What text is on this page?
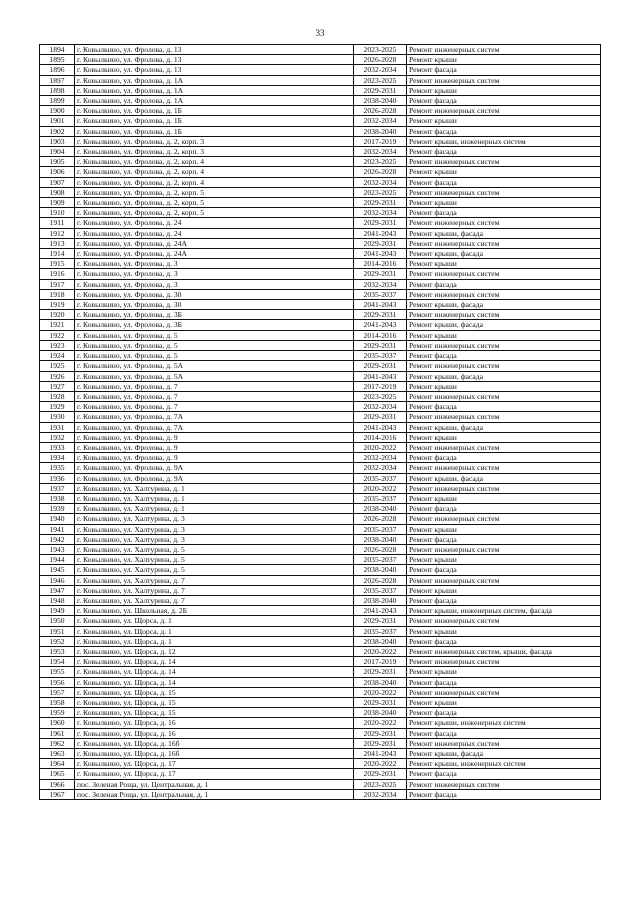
33
1894	г. Ковылкино, ул. Фролова, д. 13	2023-2025	Ремонт инженерных систем
1895	г. Ковылкино, ул. Фролова, д. 13	2026-2028	Ремонт крыши
1896	г. Ковылкино, ул. Фролова, д. 13	2032-2034	Ремонт фасада
1897	г. Ковылкино, ул. Фролова, д. 1А	2023-2025	Ремонт инженерных систем
1898	г. Ковылкино, ул. Фролова, д. 1А	2029-2031	Ремонт крыши
1899	г. Ковылкино, ул. Фролова, д. 1А	2038-2040	Ремонт фасада
1900	г. Ковылкино, ул. Фролова, д. 1Б	2026-2028	Ремонт инженерных систем
1901	г. Ковылкино, ул. Фролова, д. 1Б	2032-2034	Ремонт крыши
1902	г. Ковылкино, ул. Фролова, д. 1Б	2038-2040	Ремонт фасада
1903	г. Ковылкино, ул. Фролова, д. 2, корп. 3	2017-2019	Ремонт крыши, инженерных систем
1904	г. Ковылкино, ул. Фролова, д. 2, корп. 3	2032-2034	Ремонт фасада
1905	г. Ковылкино, ул. Фролова, д. 2, корп. 4	2023-2025	Ремонт инженерных систем
1906	г. Ковылкино, ул. Фролова, д. 2, корп. 4	2026-2028	Ремонт крыши
1907	г. Ковылкино, ул. Фролова, д. 2, корп. 4	2032-2034	Ремонт фасада
1908	г. Ковылкино, ул. Фролова, д. 2, корп. 5	2023-2025	Ремонт инженерных систем
1909	г. Ковылкино, ул. Фролова, д. 2, корп. 5	2029-2031	Ремонт крыши
1910	г. Ковылкино, ул. Фролова, д. 2, корп. 5	2032-2034	Ремонт фасада
1911	г. Ковылкино, ул. Фролова, д. 24	2029-2031	Ремонт инженерных систем
1912	г. Ковылкино, ул. Фролова, д. 24	2041-2043	Ремонт крыши, фасада
1913	г. Ковылкино, ул. Фролова, д. 24А	2029-2031	Ремонт инженерных систем
1914	г. Ковылкино, ул. Фролова, д. 24А	2041-2043	Ремонт крыши, фасада
1915	г. Ковылкино, ул. Фролова, д. 3	2014-2016	Ремонт крыши
1916	г. Ковылкино, ул. Фролова, д. 3	2029-2031	Ремонт инженерных систем
1917	г. Ковылкино, ул. Фролова, д. 3	2032-2034	Ремонт фасада
1918	г. Ковылкино, ул. Фролова, д. 30	2035-2037	Ремонт инженерных систем
1919	г. Ковылкино, ул. Фролова, д. 30	2041-2043	Ремонт крыши, фасада
1920	г. Ковылкино, ул. Фролова, д. 3Б	2029-2031	Ремонт инженерных систем
1921	г. Ковылкино, ул. Фролова, д. 3Б	2041-2043	Ремонт крыши, фасада
1922	г. Ковылкино, ул. Фролова, д. 5	2014-2016	Ремонт крыши
1923	г. Ковылкино, ул. Фролова, д. 5	2029-2031	Ремонт инженерных систем
1924	г. Ковылкино, ул. Фролова, д. 5	2035-2037	Ремонт фасада
1925	г. Ковылкино, ул. Фролова, д. 5А	2029-2031	Ремонт инженерных систем
1926	г. Ковылкино, ул. Фролова, д. 5А	2041-2043	Ремонт крыши, фасада
1927	г. Ковылкино, ул. Фролова, д. 7	2017-2019	Ремонт крыши
1928	г. Ковылкино, ул. Фролова, д. 7	2023-2025	Ремонт инженерных систем
1929	г. Ковылкино, ул. Фролова, д. 7	2032-2034	Ремонт фасада
1930	г. Ковылкино, ул. Фролова, д. 7А	2029-2031	Ремонт инженерных систем
1931	г. Ковылкино, ул. Фролова, д. 7А	2041-2043	Ремонт крыши, фасада
1932	г. Ковылкино, ул. Фролова, д. 9	2014-2016	Ремонт крыши
1933	г. Ковылкино, ул. Фролова, д. 9	2020-2022	Ремонт инженерных систем
1934	г. Ковылкино, ул. Фролова, д. 9	2032-2034	Ремонт фасада
1935	г. Ковылкино, ул. Фролова, д. 9А	2032-2034	Ремонт инженерных систем
1936	г. Ковылкино, ул. Фролова, д. 9А	2035-2037	Ремонт крыши, фасада
1937	г. Ковылкино, ул. Халтурина, д. 1	2020-2022	Ремонт инженерных систем
1938	г. Ковылкино, ул. Халтурина, д. 1	2035-2037	Ремонт крыши
1939	г. Ковылкино, ул. Халтурина, д. 1	2038-2040	Ремонт фасада
1940	г. Ковылкино, ул. Халтурина, д. 3	2026-2028	Ремонт инженерных систем
1941	г. Ковылкино, ул. Халтурина, д. 3	2035-2037	Ремонт крыши
1942	г. Ковылкино, ул. Халтурина, д. 3	2038-2040	Ремонт фасада
1943	г. Ковылкино, ул. Халтурина, д. 5	2026-2028	Ремонт инженерных систем
1944	г. Ковылкино, ул. Халтурина, д. 5	2035-2037	Ремонт крыши
1945	г. Ковылкино, ул. Халтурина, д. 5	2038-2040	Ремонт фасада
1946	г. Ковылкино, ул. Халтурина, д. 7	2026-2028	Ремонт инженерных систем
1947	г. Ковылкино, ул. Халтурина, д. 7	2035-2037	Ремонт крыши
1948	г. Ковылкино, ул. Халтурина, д. 7	2038-2040	Ремонт фасада
1949	г. Ковылкино, ул. Школьная, д. 2Б	2041-2043	Ремонт крыши, инженерных систем, фасада
1950	г. Ковылкино, ул. Щорса, д. 1	2029-2031	Ремонт инженерных систем
1951	г. Ковылкино, ул. Щорса, д. 1	2035-2037	Ремонт крыши
1952	г. Ковылкино, ул. Щорса, д. 1	2038-2040	Ремонт фасада
1953	г. Ковылкино, ул. Щорса, д. 12	2020-2022	Ремонт инженерных систем, крыши, фасада
1954	г. Ковылкино, ул. Щорса, д. 14	2017-2019	Ремонт инженерных систем
1955	г. Ковылкино, ул. Щорса, д. 14	2029-2031	Ремонт крыши
1956	г. Ковылкино, ул. Щорса, д. 14	2038-2040	Ремонт фасада
1957	г. Ковылкино, ул. Щорса, д. 15	2020-2022	Ремонт инженерных систем
1958	г. Ковылкино, ул. Щорса, д. 15	2029-2031	Ремонт крыши
1959	г. Ковылкино, ул. Щорса, д. 15	2038-2040	Ремонт фасада
1960	г. Ковылкино, ул. Щорса, д. 16	2020-2022	Ремонт крыши, инженерных систем
1961	г. Ковылкино, ул. Щорса, д. 16	2029-2031	Ремонт фасада
1962	г. Ковылкино, ул. Щорса, д. 16б	2029-2031	Ремонт инженерных систем
1963	г. Ковылкино, ул. Щорса, д. 16б	2041-2043	Ремонт крыши, фасада
1964	г. Ковылкино, ул. Щорса, д. 17	2020-2022	Ремонт крыши, инженерных систем
1965	г. Ковылкино, ул. Щорса, д. 17	2029-2031	Ремонт фасада
1966	пос. Зеленая Роща, ул. Центральная, д. 1	2023-2025	Ремонт инженерных систем
1967	пос. Зеленая Роща, ул. Центральная, д. 1	2032-2034	Ремонт фасада
